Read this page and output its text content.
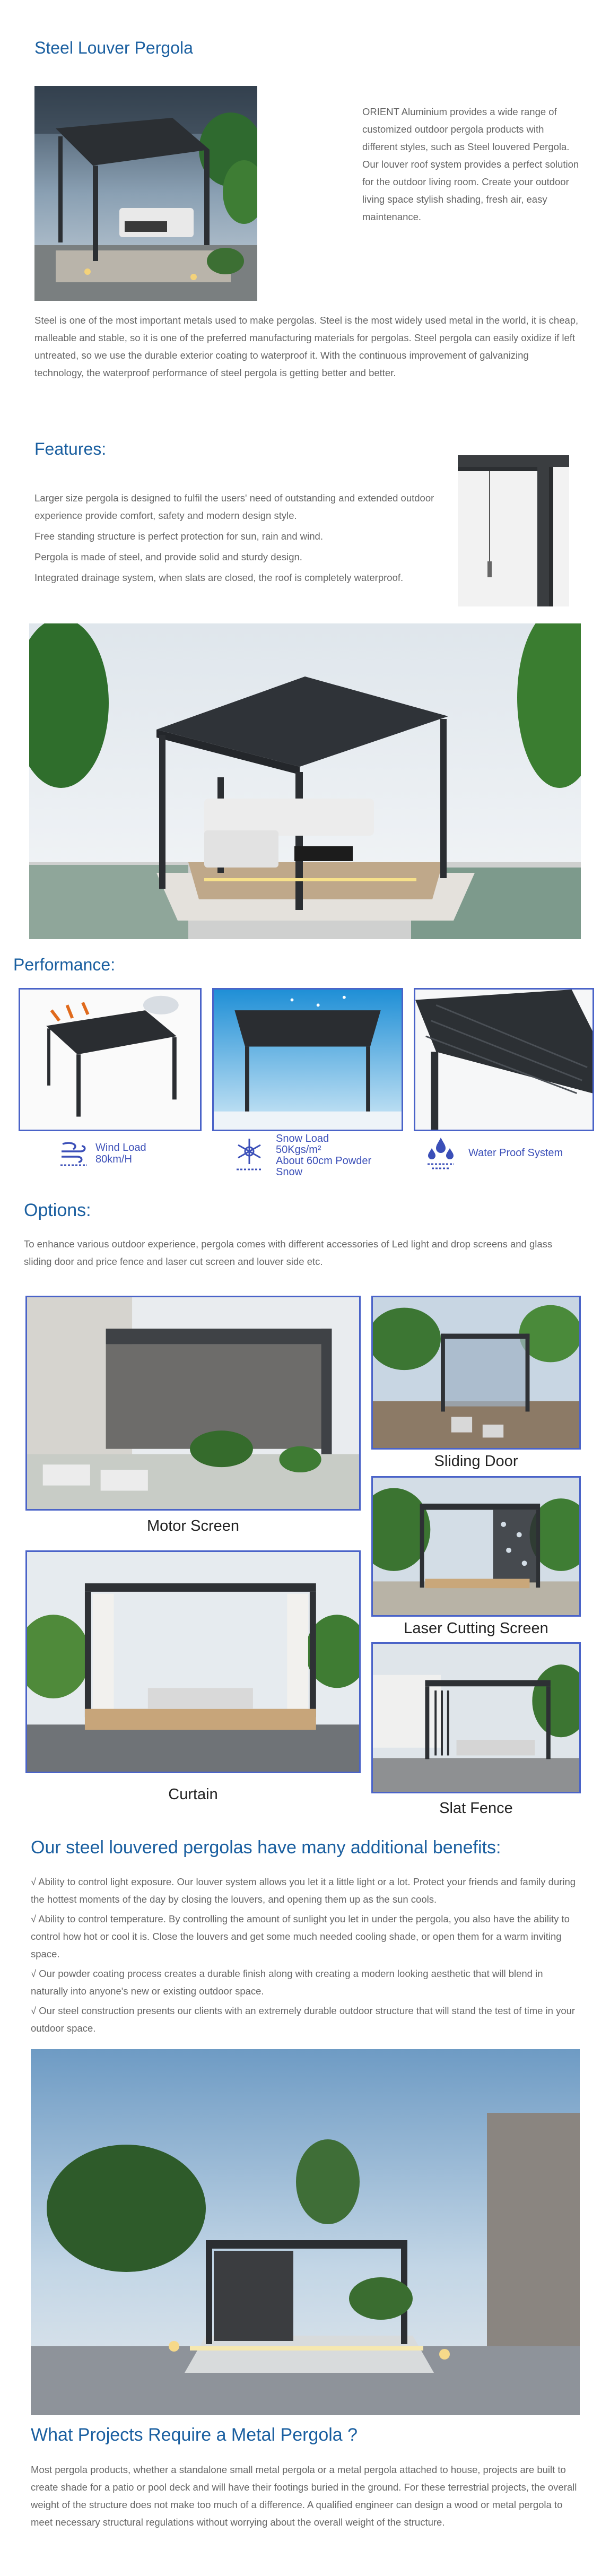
Steel Louver Pergola

ORIENT Aluminium provides a wide range of customized outdoor pergola products with different styles, such as Steel louvered Pergola. Our louver roof system provides a perfect solution for the outdoor living room. Create your outdoor living space stylish shading, fresh air, easy maintenance.

Steel is one of the most important metals used to make pergolas. Steel is the most widely used metal in the world, it is cheap, malleable and stable, so it is one of the preferred manufacturing materials for pergolas. Steel pergola can easily oxidize if left untreated, so we use the durable exterior coating to waterproof it. With the continuous improvement of galvanizing technology, the waterproof performance of steel pergola is getting better and better.

Features:

Larger size pergola is designed to fulfil the users' need of outstanding and extended outdoor experience provide comfort, safety and modern design style.

Free standing structure is perfect protection for sun, rain and wind.

Pergola is made of steel, and provide solid and sturdy design.

Integrated drainage system, when slats are closed, the roof is completely waterproof.

Performance:
Wind Load
80km/H
Snow Load
50Kgs/m²
About 60cm Powder
Snow
Water Proof System
Options:

To enhance various outdoor experience, pergola comes with different accessories of Led light and drop screens and glass sliding door and price fence and laser cut screen and louver side etc.

Motor Screen
Sliding Door
Laser Cutting Screen
Curtain
Slat Fence
Our steel louvered pergolas have many additional benefits:

√ Ability to control light exposure. Our louver system allows you let it a little light or a lot. Protect your friends and family during the hottest moments of the day by closing the louvers, and opening them up as the sun cools.

√ Ability to control temperature. By controlling the amount of sunlight you let in under the pergola, you also have the ability to control how hot or cool it is. Close the louvers and get some much needed cooling shade, or open them for a warm inviting space.

√ Our powder coating process creates a durable finish along with creating a modern looking aesthetic that will blend in naturally into anyone's new or existing outdoor space.

√ Our steel construction presents our clients with an extremely durable outdoor structure that will stand the test of time in your outdoor space.

What Projects Require a Metal Pergola ?

Most pergola products, whether a standalone small metal pergola or a metal pergola attached to house, projects are built to create shade for a patio or pool deck and will have their footings buried in the ground. For these terrestrial projects, the overall weight of the structure does not make too much of a difference. A qualified engineer can design a wood or metal pergola to meet necessary structural regulations without worrying about the overall weight of the structure.
